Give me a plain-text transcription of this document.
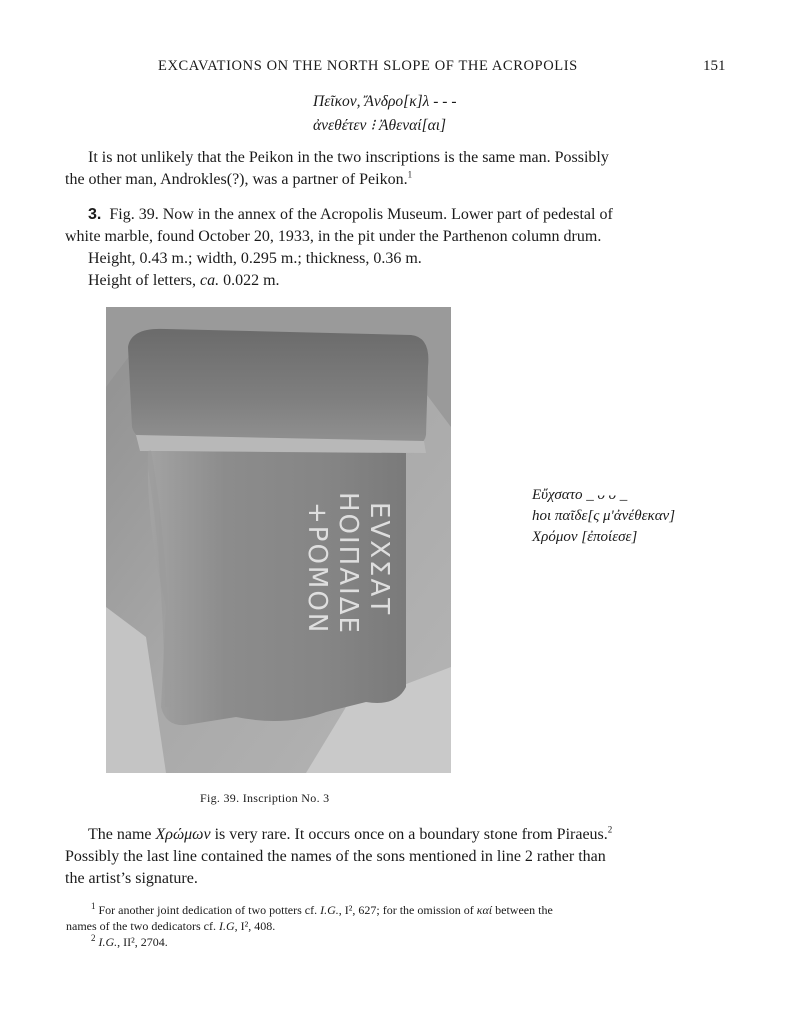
EXCAVATIONS ON THE NORTH SLOPE OF THE ACROPOLIS	151
Πεῖκον, Ἄνδρο[κ]λ - - -
ἀνεθέτεν ⁝ Ἀθεναί[αι]
It is not unlikely that the Peikon in the two inscriptions is the same man. Possibly
the other man, Androkles(?), was a partner of Peikon.$^1$
3. Fig. 39. Now in the annex of the Acropolis Museum. Lower part of pedestal of
white marble, found October 20, 1933, in the pit under the Parthenon column drum.
Height, 0.43 m.; width, 0.295 m.; thickness, 0.36 m.
Height of letters, ca. 0.022 m.
ΕVΧΣΑΤ
ΗΟΙΠΑΙΔΕ
+ΡΟΜΟΝ
Εὔχσατο _ ᴗ ᴗ _
hοι παῖδε[ς μ'ἀνέθεκαν]
Χρόμον [ἐποίεσε]
Fig. 39. Inscription No. 3
The name Χρώμων is very rare. It occurs once on a boundary stone from Piraeus.$^2$
Possibly the last line contained the names of the sons mentioned in line 2 rather than
the artist’s signature.
$^1$ For another joint dedication of two potters cf. I.G., I², 627; for the omission of καί between the
names of the two dedicators cf. I.G, I², 408.
$^2$ I.G., II², 2704.
